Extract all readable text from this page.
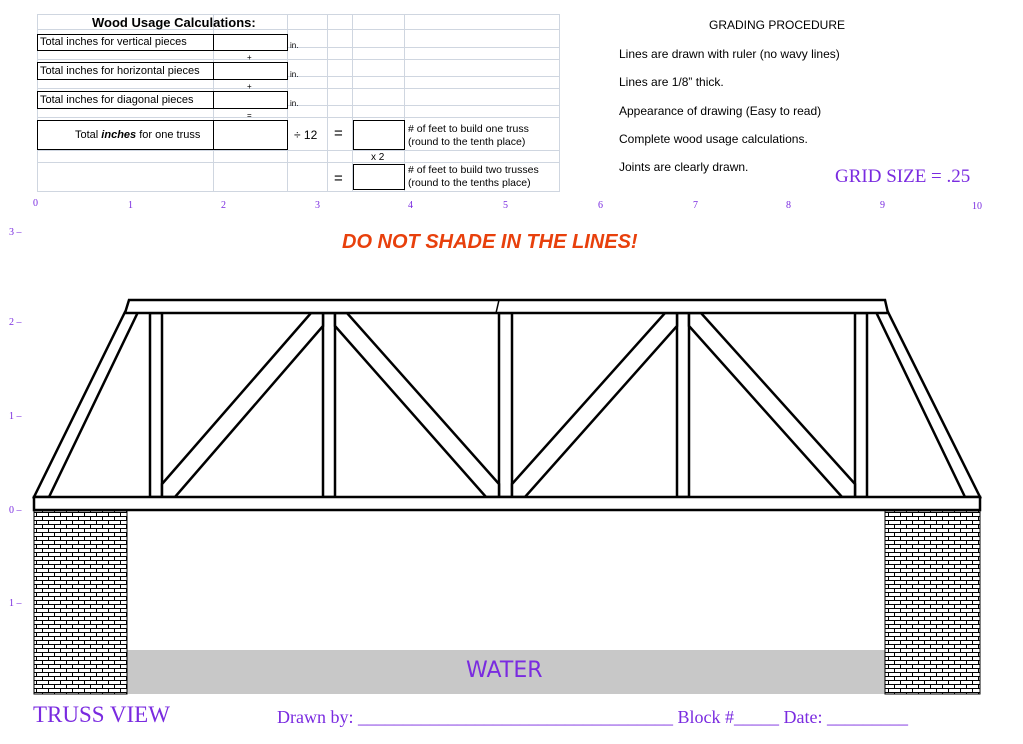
Wood Usage Calculations:
Total inches for vertical pieces	in.
+
Total inches for horizontal pieces	in.
+
Total inches for diagonal pieces	in.
=
Total inches for one truss	÷ 12 =	# of feet to build one truss
(round to the tenth place)
x 2
=	# of feet to build two trusses
(round to the tenths place)
GRADING PROCEDURE
Lines are drawn with ruler (no wavy lines)
Lines are 1/8” thick.
Appearance of drawing (Easy to read)
Complete wood usage calculations.
Joints are clearly drawn.	GRID SIZE = .25
0	1	2	3	4	5	6	7	8	9	10
3 –
2 –
1 –
0 –
1 –
DO NOT SHADE IN THE LINES!
WATER
TRUSS VIEW	Drawn by: ___________________________________ Block #_____ Date: _________
